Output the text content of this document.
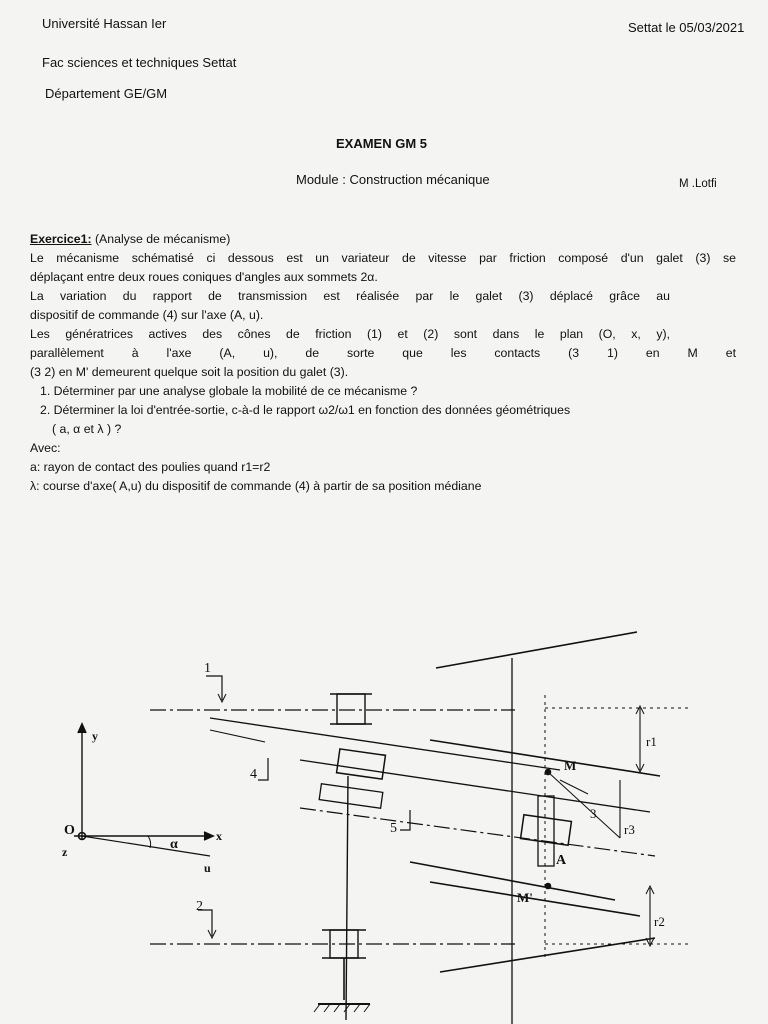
Université Hassan Ier	Settat le 05/03/2021
Fac sciences et techniques Settat
Département GE/GM
EXAMEN GM 5
Module : Construction mécanique	M .Lotfi

Exercice1: (Analyse de mécanisme)

Le mécanisme schématisé ci dessous est un variateur de vitesse par friction composé d'un galet (3) se

déplaçant entre deux roues coniques d'angles aux sommets 2α.

La variation du rapport de transmission est réalisée par le galet (3) déplacé grâce au

dispositif de commande (4) sur l'axe (A, u).

Les génératrices actives des cônes de friction (1) et (2) sont dans le plan (O, x, y),

parallèlement à l'axe (A, u), de sorte que les contacts (3 1) en M et

(3 2) en M' demeurent quelque soit la position du galet (3).

1. Déterminer par une analyse globale la mobilité de ce mécanisme ?

2. Déterminer la loi d'entrée-sortie, c-à-d le rapport ω2/ω1 en fonction des données géométriques

( a, α et λ ) ?

Avec:

a: rayon de contact des poulies quand r1=r2

λ: course d'axe( A,u) du dispositif de commande (4) à partir de sa position médiane

1
2
3
4
5
O	x
y
z
u
α
A
M
M'
r1
r3
r2
